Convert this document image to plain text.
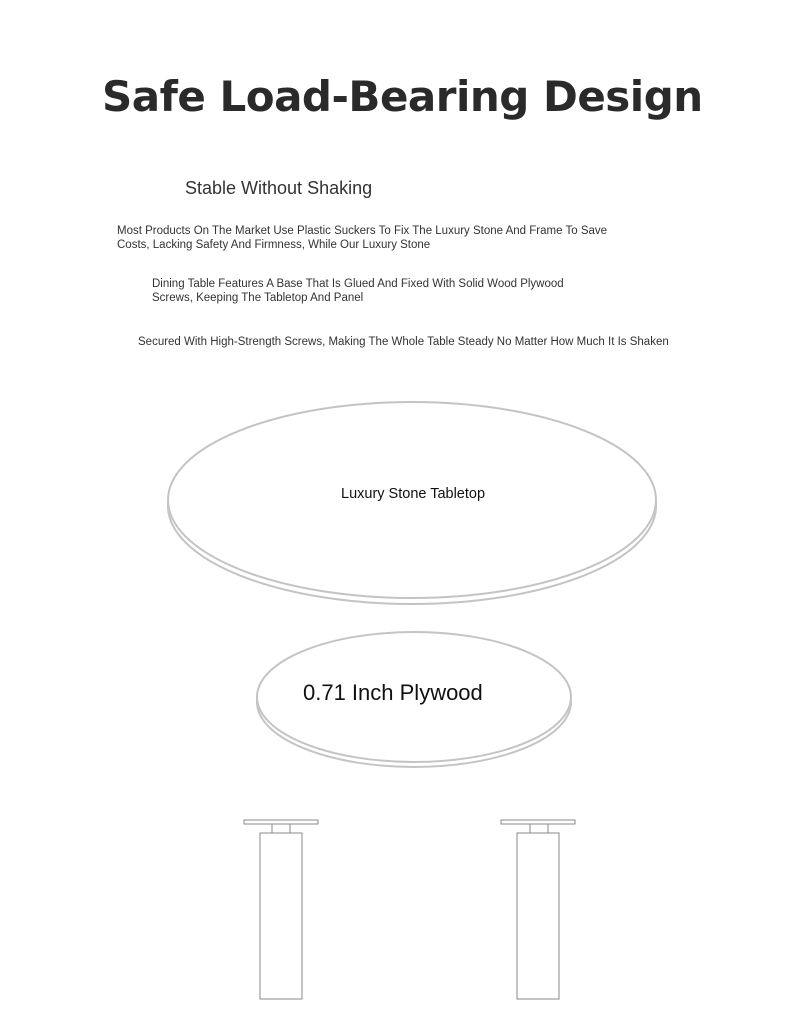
Safe Load-Bearing Design
Stable Without Shaking
Most Products On The Market Use Plastic Suckers To Fix The Luxury Stone And Frame To Save
Costs, Lacking Safety And Firmness, While Our Luxury Stone
Dining Table Features A Base That Is Glued And Fixed With Solid Wood Plywood
Screws, Keeping The Tabletop And Panel
Secured With High-Strength Screws, Making The Whole Table Steady No Matter How Much It Is Shaken
Luxury Stone Tabletop
0.71 Inch Plywood
